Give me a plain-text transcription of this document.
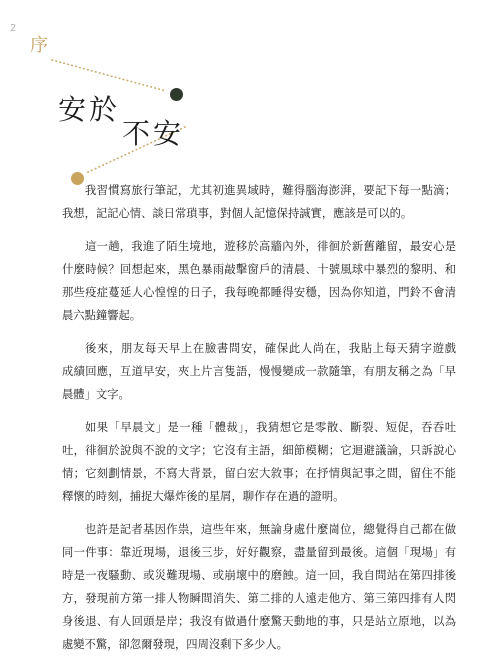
2
序
安於
不安
我習慣寫旅行筆記，尤其初進異域時，難得腦海澎湃，要記下每一點滴；
我想，記記心情、談日常瑣事，對個人記憶保持誠實，應該是可以的。
這一趟，我進了陌生境地，遊移於高牆內外，徘徊於新舊離留，最安心是
什麼時候？回想起來，黑色暴雨敲擊窗戶的清晨、十號風球中暴烈的黎明、和
那些疫症蔓延人心惶惶的日子，我每晚都睡得安穩，因為你知道，門鈴不會清
晨六點鐘響起。
後來，朋友每天早上在臉書問安，確保此人尚在，我貼上每天猜字遊戲
成績回應，互道早安，夾上片言隻語，慢慢變成一款隨筆，有朋友稱之為「早
晨體」文字。
如果「早晨文」是一種「體裁」，我猜想它是零散、斷裂、短促，吞吞吐
吐，徘徊於說與不說的文字；它沒有主語，細節模糊；它迴避議論，只訴說心
情；它刻劃情景，不寫大背景，留白宏大敘事；在抒情與記事之間，留住不能
釋懷的時刻，捕捉大爆炸後的星屑，聊作存在過的證明。
也許是記者基因作祟，這些年來，無論身處什麼崗位，總覺得自己都在做
同一件事：靠近現場，退後三步，好好觀察，盡量留到最後。這個「現場」有
時是一夜騷動、或災難現場、或崩壞中的磨蝕。這一回，我自問站在第四排後
方，發現前方第一排人物瞬間消失、第二排的人遠走他方、第三第四排有人閃
身後退、有人回頭是岸；我沒有做過什麼驚天動地的事，只是站立原地，以為
處變不驚，卻忽爾發現，四周沒剩下多少人。
